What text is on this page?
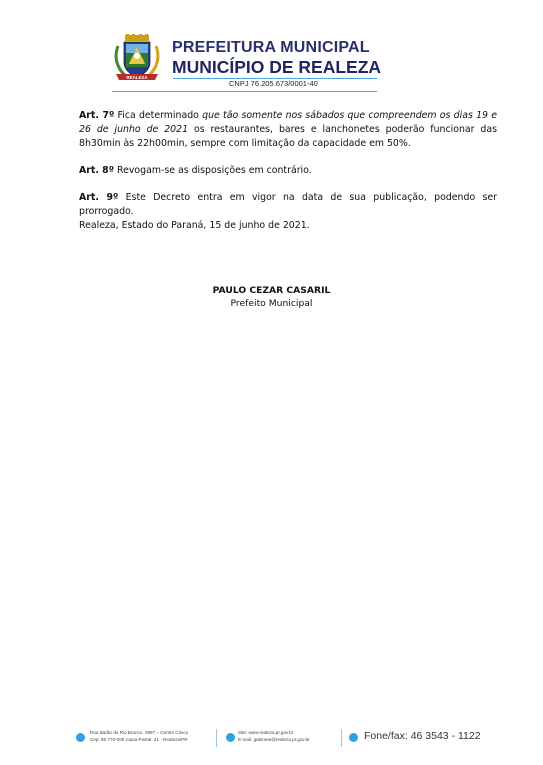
REALEZA
PREFEITURA MUNICIPAL
MUNICÍPIO DE REALEZA
CNPJ 76.205.673/0001-40
Art. 7º Fica determinado que tão somente nos sábados que compreendem os dias 19 e 26 de junho de 2021 os restaurantes, bares e lanchonetes poderão funcionar das 8h30min às 22h00min, sempre com limitação da capacidade em 50%.
Art. 8º Revogam-se as disposições em contrário.
Art. 9º Este Decreto entra em vigor na data de sua publicação, podendo ser prorrogado.
Realeza, Estado do Paraná, 15 de junho de 2021.
PAULO CEZAR CASARIL
Prefeito Municipal
Rua Barão do Rio Branco, 3997 – Centro Cívico
Cep: 85.770-000 Caixa Postal: 21 - Realeza/PR
Site: www.realeza.pr.gov.br
E-mail: gabinete@realeza.pr.gov.br	Fone/fax: 46 3543 - 1122
